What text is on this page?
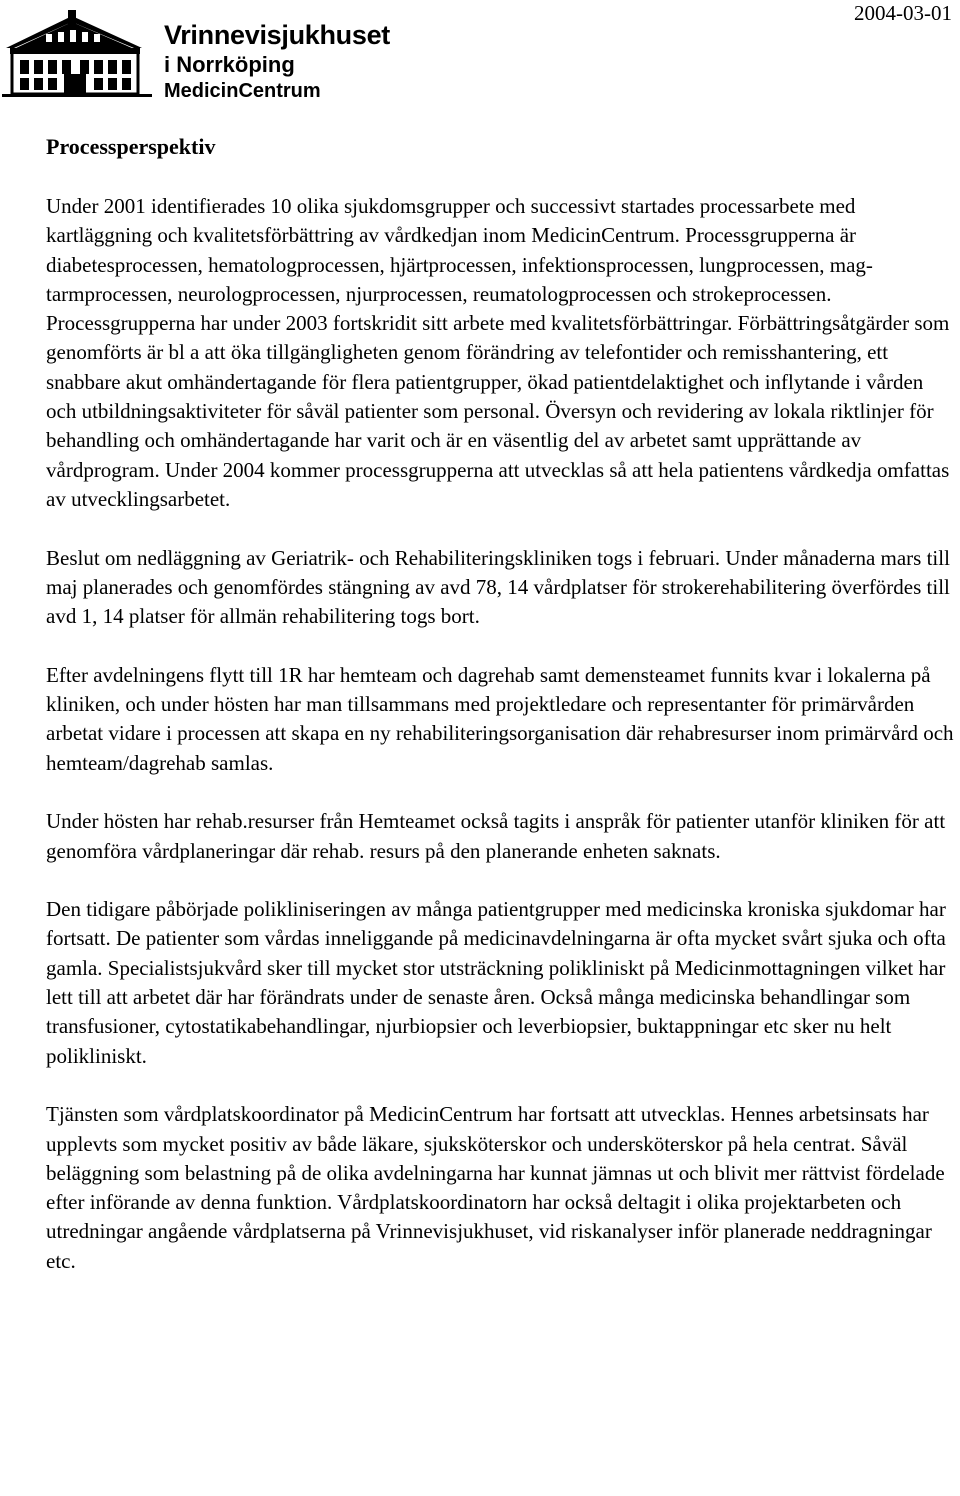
Vrinnevisjukhuset
i Norrköping
MedicinCentrum
2004-03-01
Processperspektiv

Under 2001 identifierades 10 olika sjukdomsgrupper och successivt startades processarbete med kartläggning och kvalitetsförbättring av vårdkedjan inom MedicinCentrum. Processgrupperna är diabetesprocessen, hematologprocessen, hjärtprocessen, infektionsprocessen, lungprocessen, mag- tarmprocessen, neurologprocessen, njurprocessen, reumatologprocessen och strokeprocessen. Processgrupperna har under 2003 fortskridit sitt arbete med kvalitetsförbättringar. Förbättringsåtgärder som genomförts är bl a att öka tillgängligheten genom förändring av telefontider och remisshantering, ett snabbare akut omhändertagande för flera patientgrupper, ökad patientdelaktighet och inflytande i vården och utbildningsaktiviteter för såväl patienter som personal. Översyn och revidering av lokala riktlinjer för behandling och omhändertagande har varit och är en väsentlig del av arbetet samt upprättande av vårdprogram. Under 2004 kommer processgrupperna att utvecklas så att hela patientens vårdkedja omfattas av utvecklingsarbetet.

Beslut om nedläggning av Geriatrik- och Rehabiliteringskliniken togs i februari. Under månaderna mars till maj planerades och genomfördes stängning av avd 78, 14 vårdplatser för strokerehabilitering överfördes till avd 1, 14 platser för allmän rehabilitering togs bort.

Efter avdelningens flytt till 1R har hemteam och dagrehab samt demensteamet funnits kvar i lokalerna på kliniken, och under hösten har man tillsammans med projektledare och representanter för primärvården arbetat vidare i processen att skapa en ny rehabiliteringsorganisation där rehabresurser inom primärvård och hemteam/dagrehab samlas.

Under hösten har rehab.resurser från Hemteamet också tagits i anspråk för patienter utanför kliniken för att genomföra vårdplaneringar där rehab. resurs på den planerande enheten saknats.

Den tidigare påbörjade polikliniseringen av många patientgrupper med medicinska kroniska sjukdomar har fortsatt. De patienter som vårdas inneliggande på medicinavdelningarna är ofta mycket svårt sjuka och ofta gamla. Specialistsjukvård sker till mycket stor utsträckning polikliniskt på Medicinmottagningen vilket har lett till att arbetet där har förändrats under de senaste åren. Också många medicinska behandlingar som transfusioner, cytostatikabehandlingar, njurbiopsier och leverbiopsier, buktappningar etc sker nu helt polikliniskt.

Tjänsten som vårdplatskoordinator på MedicinCentrum har fortsatt att utvecklas. Hennes arbetsinsats har upplevts som mycket positiv av både läkare, sjuksköterskor och undersköterskor på hela centrat. Såväl beläggning som belastning på de olika avdelningarna har kunnat jämnas ut och blivit mer rättvist fördelade efter införande av denna funktion. Vårdplatskoordinatorn har också deltagit i olika projektarbeten och utredningar angående vårdplatserna på Vrinnevisjukhuset, vid riskanalyser inför planerade neddragningar etc.
